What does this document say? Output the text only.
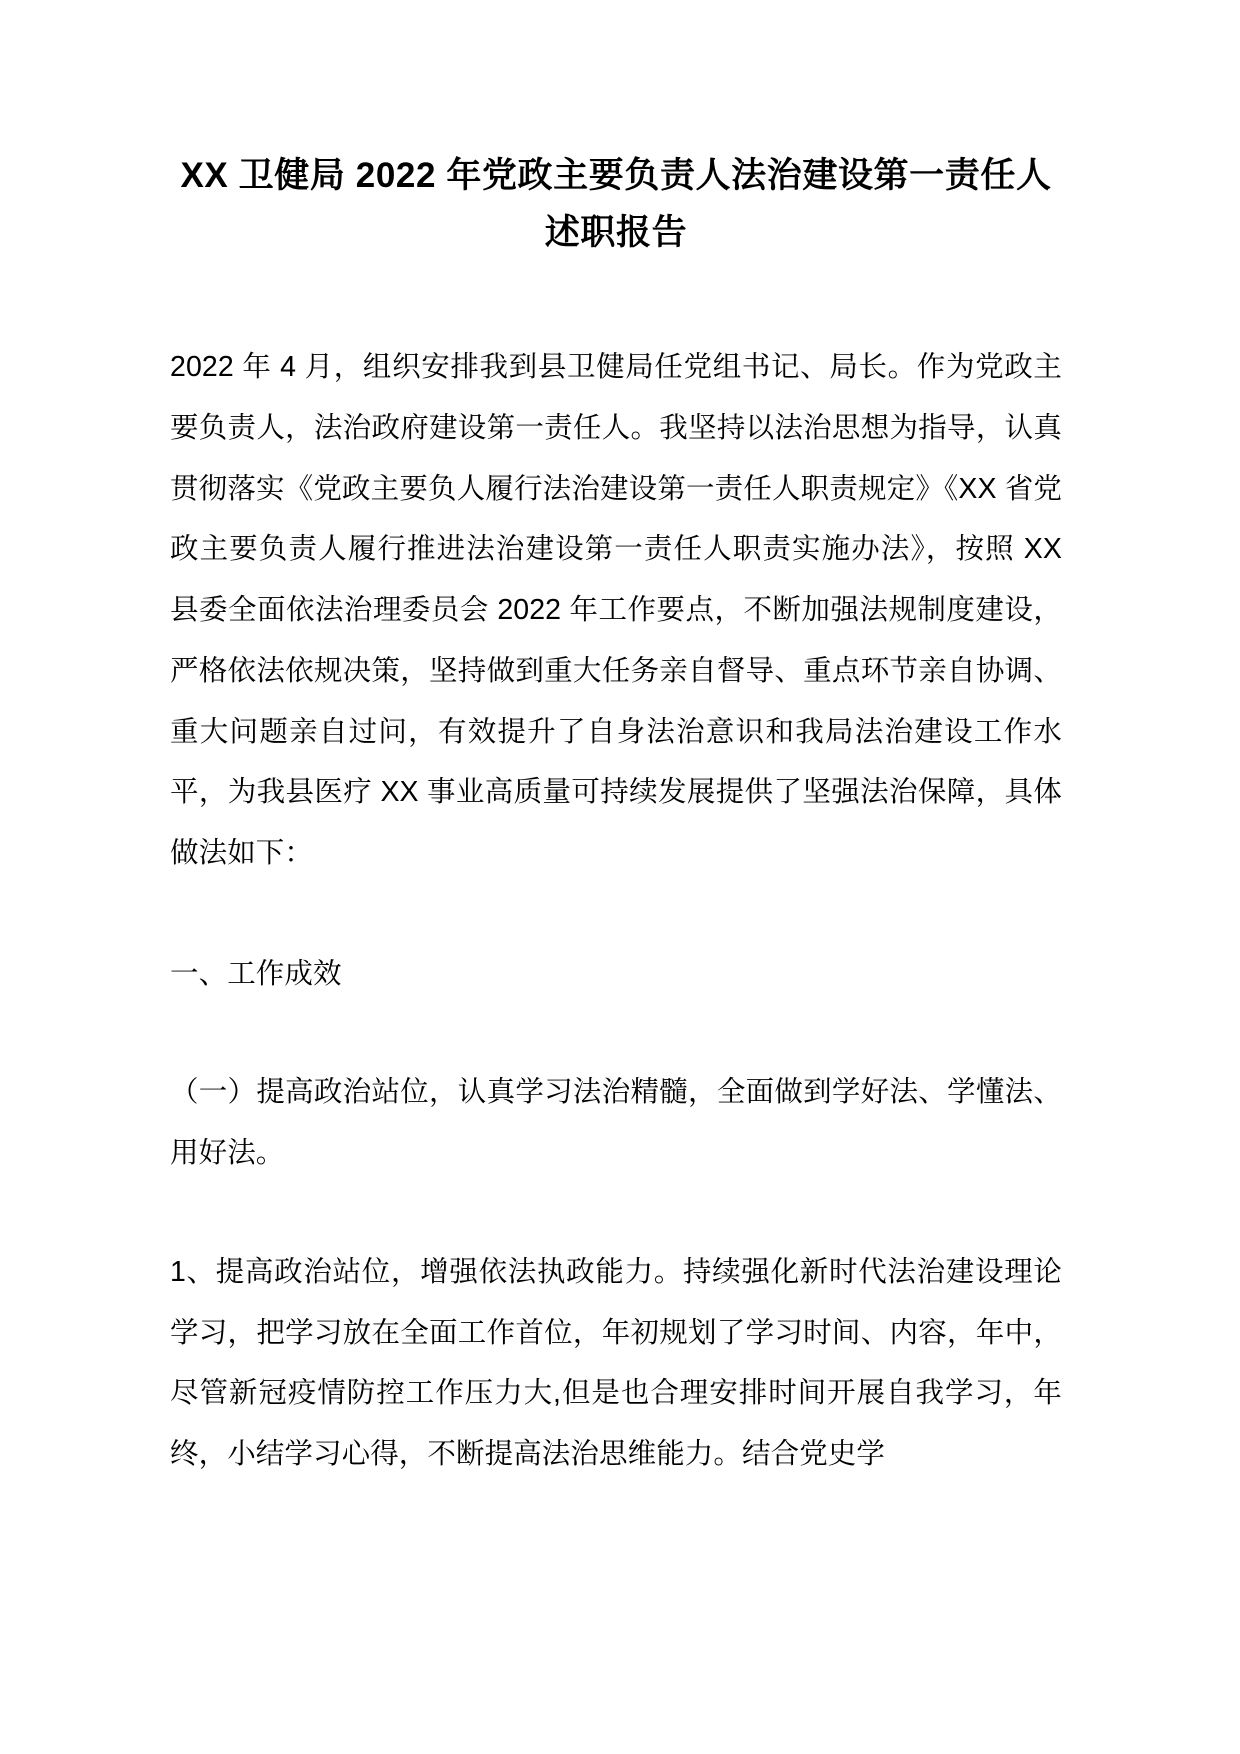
XX 卫健局 2022 年党政主要负责人法治建设第一责任人 述职报告

2022 年 4 月，组织安排我到县卫健局任党组书记、局长。作为党政主要负责人，法治政府建设第一责任人。我坚持以法治思想为指导，认真贯彻落实《党政主要负人履行法治建设第一责任人职责规定》《XX 省党政主要负责人履行推进法治建设第一责任人职责实施办法》，按照 XX 县委全面依法治理委员会 2022 年工作要点，不断加强法规制度建设，严格依法依规决策，坚持做到重大任务亲自督导、重点环节亲自协调、重大问题亲自过问，有效提升了自身法治意识和我局法治建设工作水平，为我县医疗 XX 事业高质量可持续发展提供了坚强法治保障，具体做法如下：

一、工作成效

（一）提高政治站位，认真学习法治精髓，全面做到学好法、学懂法、用好法。

1、提高政治站位，增强依法执政能力。持续强化新时代法治建设理论学习，把学习放在全面工作首位，年初规划了学习时间、内容，年中，尽管新冠疫情防控工作压力大,但是也合理安排时间开展自我学习，年终，小结学习心得，不断提高法治思维能力。结合党史学
